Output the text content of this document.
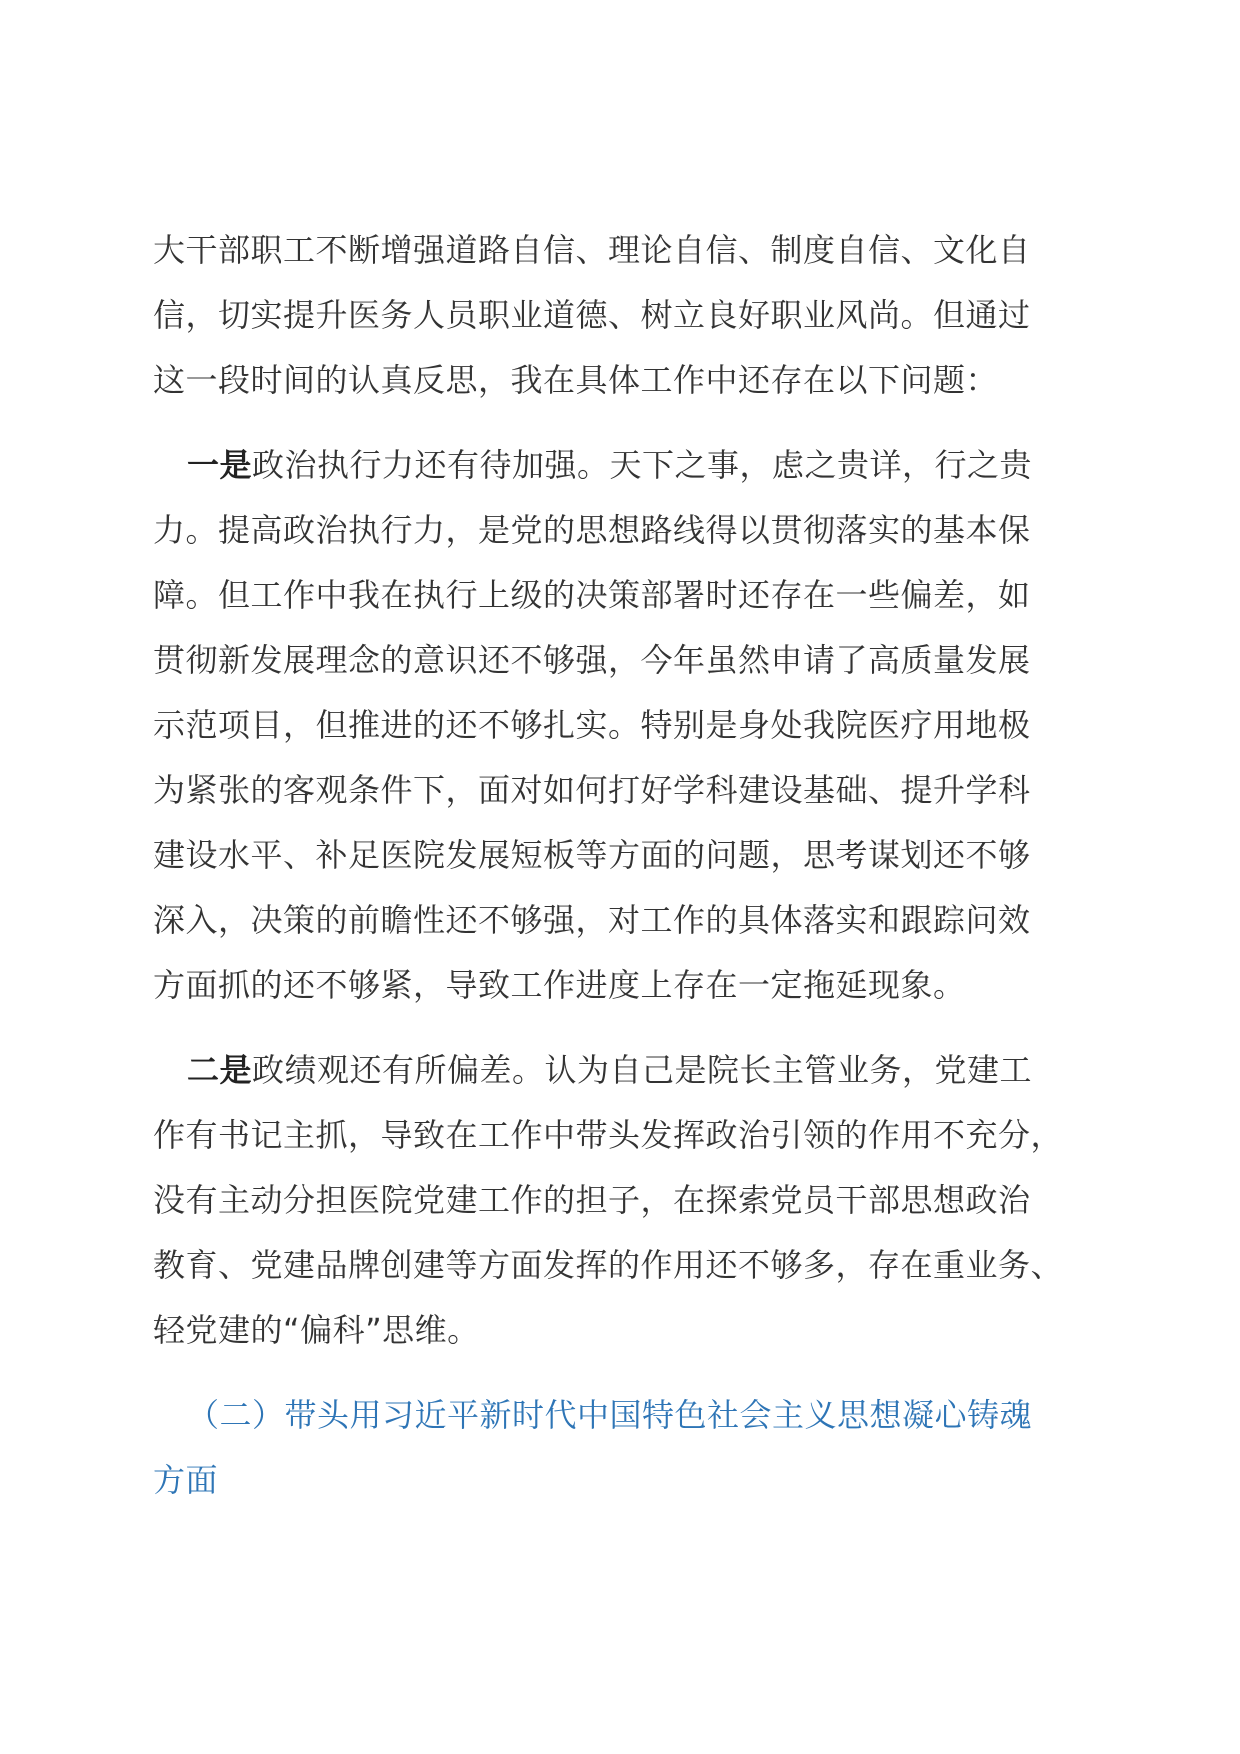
大干部职工不断增强道路自信、理论自信、制度自信、文化自
信，切实提升医务人员职业道德、树立良好职业风尚。但通过
这一段时间的认真反思，我在具体工作中还存在以下问题：
一是政治执行力还有待加强。天下之事，虑之贵详，行之贵
力。提高政治执行力，是党的思想路线得以贯彻落实的基本保
障。但工作中我在执行上级的决策部署时还存在一些偏差，如
贯彻新发展理念的意识还不够强，今年虽然申请了高质量发展
示范项目，但推进的还不够扎实。特别是身处我院医疗用地极
为紧张的客观条件下，面对如何打好学科建设基础、提升学科
建设水平、补足医院发展短板等方面的问题，思考谋划还不够
深入，决策的前瞻性还不够强，对工作的具体落实和跟踪问效
方面抓的还不够紧，导致工作进度上存在一定拖延现象。
二是政绩观还有所偏差。认为自己是院长主管业务，党建工
作有书记主抓，导致在工作中带头发挥政治引领的作用不充分，
没有主动分担医院党建工作的担子，在探索党员干部思想政治
教育、党建品牌创建等方面发挥的作用还不够多，存在重业务、
轻党建的“偏科”思维。
（二）带头用习近平新时代中国特色社会主义思想凝心铸魂
方面
